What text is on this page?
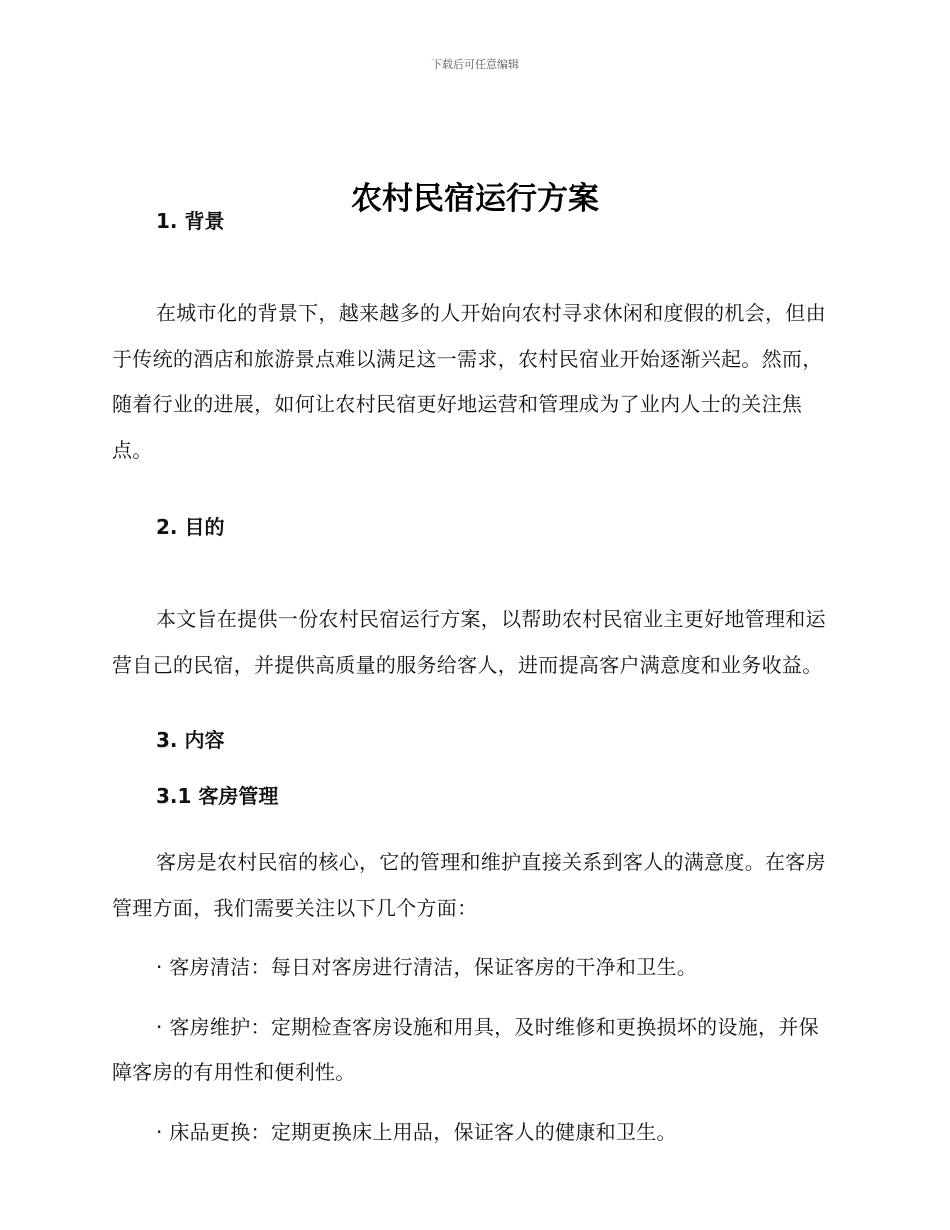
下载后可任意编辑
农村民宿运行方案
1. 背景

在城市化的背景下，越来越多的人开始向农村寻求休闲和度假的机会，但由于传统的酒店和旅游景点难以满足这一需求，农村民宿业开始逐渐兴起。然而，随着行业的进展，如何让农村民宿更好地运营和管理成为了业内人士的关注焦点。

2. 目的

本文旨在提供一份农村民宿运行方案，以帮助农村民宿业主更好地管理和运营自己的民宿，并提供高质量的服务给客人，进而提高客户满意度和业务收益。

3. 内容
3.1 客房管理

客房是农村民宿的核心，它的管理和维护直接关系到客人的满意度。在客房管理方面，我们需要关注以下几个方面：

· 客房清洁：每日对客房进行清洁，保证客房的干净和卫生。

· 客房维护：定期检查客房设施和用具，及时维修和更换损坏的设施，并保障客房的有用性和便利性。

· 床品更换：定期更换床上用品，保证客人的健康和卫生。
